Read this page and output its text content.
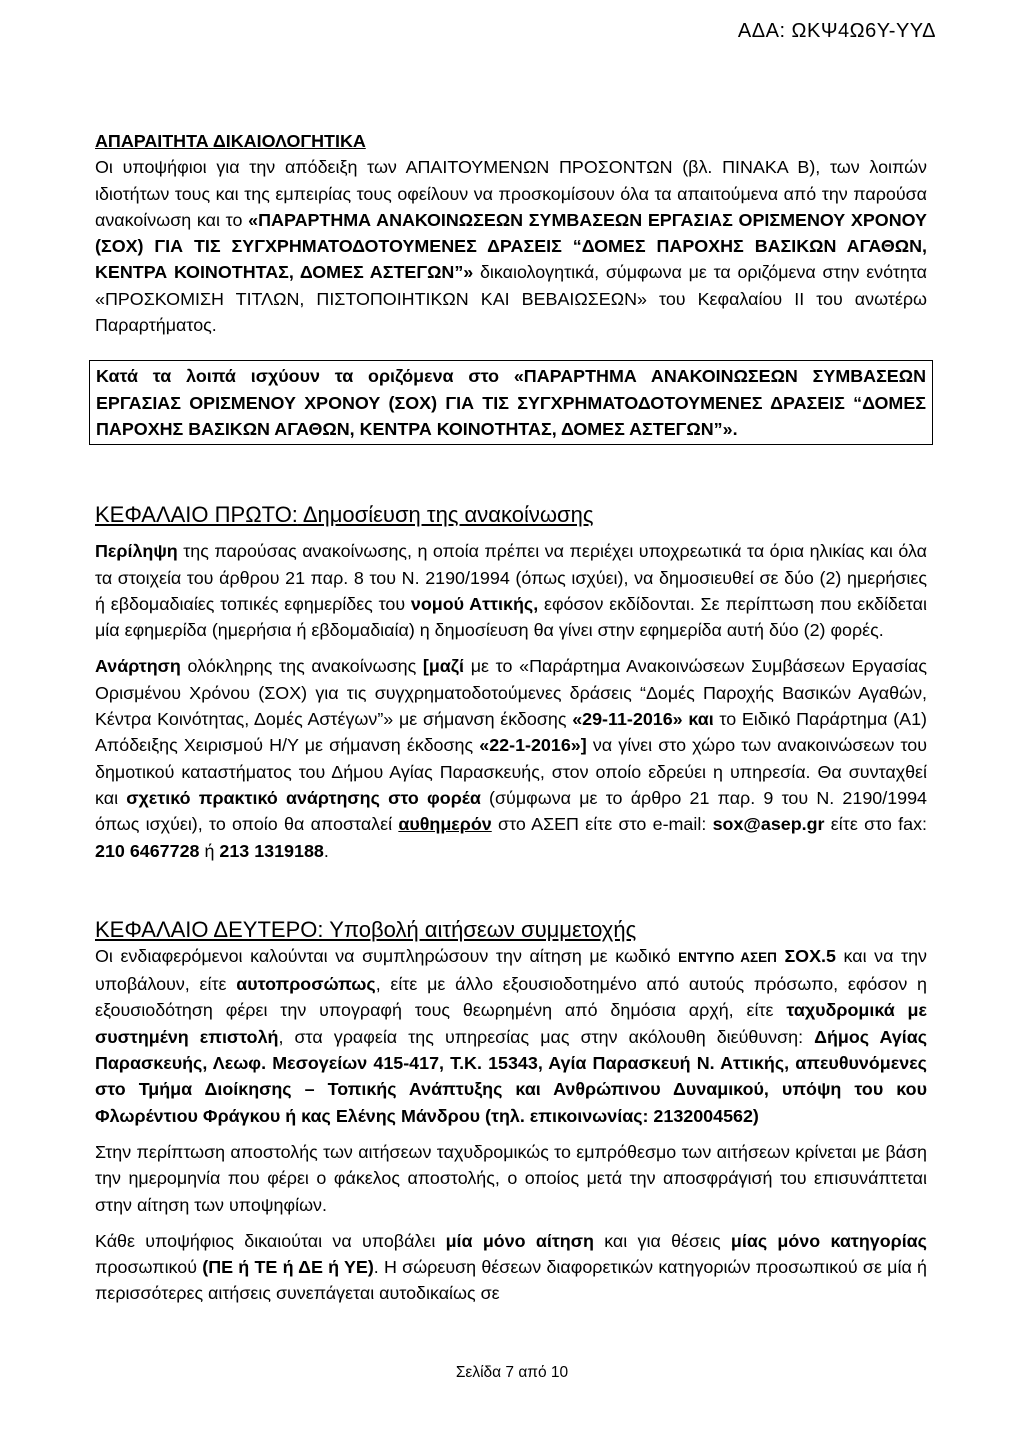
ΑΔΑ: ΩΚΨ4Ω6Υ-ΥΥΔ
ΑΠΑΡΑΙΤΗΤΑ ΔΙΚΑΙΟΛΟΓΗΤΙΚΑ

Οι υποψήφιοι για την απόδειξη των ΑΠΑΙΤΟΥΜΕΝΩΝ ΠΡΟΣΟΝΤΩΝ (βλ. ΠΙΝΑΚΑ Β), των λοιπών ιδιοτήτων τους και της εμπειρίας τους οφείλουν να προσκομίσουν όλα τα απαιτούμενα από την παρούσα ανακοίνωση και το «ΠΑΡΑΡΤΗΜΑ ΑΝΑΚΟΙΝΩΣΕΩΝ ΣΥΜΒΑΣΕΩΝ ΕΡΓΑΣΙΑΣ ΟΡΙΣΜΕΝΟΥ ΧΡΟΝΟΥ (ΣΟΧ) ΓΙΑ ΤΙΣ ΣΥΓΧΡΗΜΑΤΟΔΟΤΟΥΜΕΝΕΣ ΔΡΑΣΕΙΣ “ΔΟΜΕΣ ΠΑΡΟΧΗΣ ΒΑΣΙΚΩΝ ΑΓΑΘΩΝ, ΚΕΝΤΡΑ ΚΟΙΝΟΤΗΤΑΣ, ΔΟΜΕΣ ΑΣΤΕΓΩΝ”» δικαιολογητικά, σύμφωνα με τα οριζόμενα στην ενότητα «ΠΡΟΣΚΟΜΙΣΗ ΤΙΤΛΩΝ, ΠΙΣΤΟΠΟΙΗΤΙΚΩΝ ΚΑΙ ΒΕΒΑΙΩΣΕΩΝ» του Κεφαλαίου ΙΙ του ανωτέρω Παραρτήματος.

Κατά τα λοιπά ισχύουν τα οριζόμενα στο «ΠΑΡΑΡΤΗΜΑ ΑΝΑΚΟΙΝΩΣΕΩΝ ΣΥΜΒΑΣΕΩΝ ΕΡΓΑΣΙΑΣ ΟΡΙΣΜΕΝΟΥ ΧΡΟΝΟΥ (ΣΟΧ) ΓΙΑ ΤΙΣ ΣΥΓΧΡΗΜΑΤΟΔΟΤΟΥΜΕΝΕΣ ΔΡΑΣΕΙΣ “ΔΟΜΕΣ ΠΑΡΟΧΗΣ ΒΑΣΙΚΩΝ ΑΓΑΘΩΝ, ΚΕΝΤΡΑ ΚΟΙΝΟΤΗΤΑΣ, ΔΟΜΕΣ ΑΣΤΕΓΩΝ”».

ΚΕΦΑΛΑΙΟ ΠΡΩΤΟ: Δημοσίευση της ανακοίνωσης

Περίληψη της παρούσας ανακοίνωσης, η οποία πρέπει να περιέχει υποχρεωτικά τα όρια ηλικίας και όλα τα στοιχεία του άρθρου 21 παρ. 8 του Ν. 2190/1994 (όπως ισχύει), να δημοσιευθεί σε δύο (2) ημερήσιες ή εβδομαδιαίες τοπικές εφημερίδες του νομού Αττικής, εφόσον εκδίδονται. Σε περίπτωση που εκδίδεται μία εφημερίδα (ημερήσια ή εβδομαδιαία) η δημοσίευση θα γίνει στην εφημερίδα αυτή δύο (2) φορές.

Ανάρτηση ολόκληρης της ανακοίνωσης [μαζί με το «Παράρτημα Ανακοινώσεων Συμβάσεων Εργασίας Ορισμένου Χρόνου (ΣΟΧ) για τις συγχρηματοδοτούμενες δράσεις “Δομές Παροχής Βασικών Αγαθών, Κέντρα Κοινότητας, Δομές Αστέγων”» με σήμανση έκδοσης «29-11-2016» και το Ειδικό Παράρτημα (Α1) Απόδειξης Χειρισμού Η/Υ με σήμανση έκδοσης «22-1-2016»] να γίνει στο χώρο των ανακοινώσεων του δημοτικού καταστήματος του Δήμου Αγίας Παρασκευής, στον οποίο εδρεύει η υπηρεσία. Θα συνταχθεί και σχετικό πρακτικό ανάρτησης στο φορέα (σύμφωνα με το άρθρο 21 παρ. 9 του Ν. 2190/1994 όπως ισχύει), το οποίο θα αποσταλεί αυθημερόν στο ΑΣΕΠ είτε στο e-mail: sox@asep.gr είτε στο fax: 210 6467728 ή 213 1319188.

ΚΕΦΑΛΑΙΟ ΔΕΥΤΕΡΟ: Υποβολή αιτήσεων συμμετοχής

Οι ενδιαφερόμενοι καλούνται να συμπληρώσουν την αίτηση με κωδικό ΕΝΤΥΠΟ ΑΣΕΠ ΣΟΧ.5 και να την υποβάλουν, είτε αυτοπροσώπως, είτε με άλλο εξουσιοδοτημένο από αυτούς πρόσωπο, εφόσον η εξουσιοδότηση φέρει την υπογραφή τους θεωρημένη από δημόσια αρχή, είτε ταχυδρομικά με συστημένη επιστολή, στα γραφεία της υπηρεσίας μας στην ακόλουθη διεύθυνση: Δήμος Αγίας Παρασκευής, Λεωφ. Μεσογείων 415-417, Τ.Κ. 15343, Αγία Παρασκευή Ν. Αττικής, απευθυνόμενες στο Τμήμα Διοίκησης – Τοπικής Ανάπτυξης και Ανθρώπινου Δυναμικού, υπόψη του κου Φλωρέντιου Φράγκου ή κας Ελένης Μάνδρου (τηλ. επικοινωνίας: 2132004562)

Στην περίπτωση αποστολής των αιτήσεων ταχυδρομικώς το εμπρόθεσμο των αιτήσεων κρίνεται με βάση την ημερομηνία που φέρει ο φάκελος αποστολής, ο οποίος μετά την αποσφράγισή του επισυνάπτεται στην αίτηση των υποψηφίων.

Κάθε υποψήφιος δικαιούται να υποβάλει μία μόνο αίτηση και για θέσεις μίας μόνο κατηγορίας προσωπικού (ΠΕ ή ΤΕ ή ΔΕ ή ΥΕ). Η σώρευση θέσεων διαφορετικών κατηγοριών προσωπικού σε μία ή περισσότερες αιτήσεις συνεπάγεται αυτοδικαίως σε

Σελίδα 7 από 10
